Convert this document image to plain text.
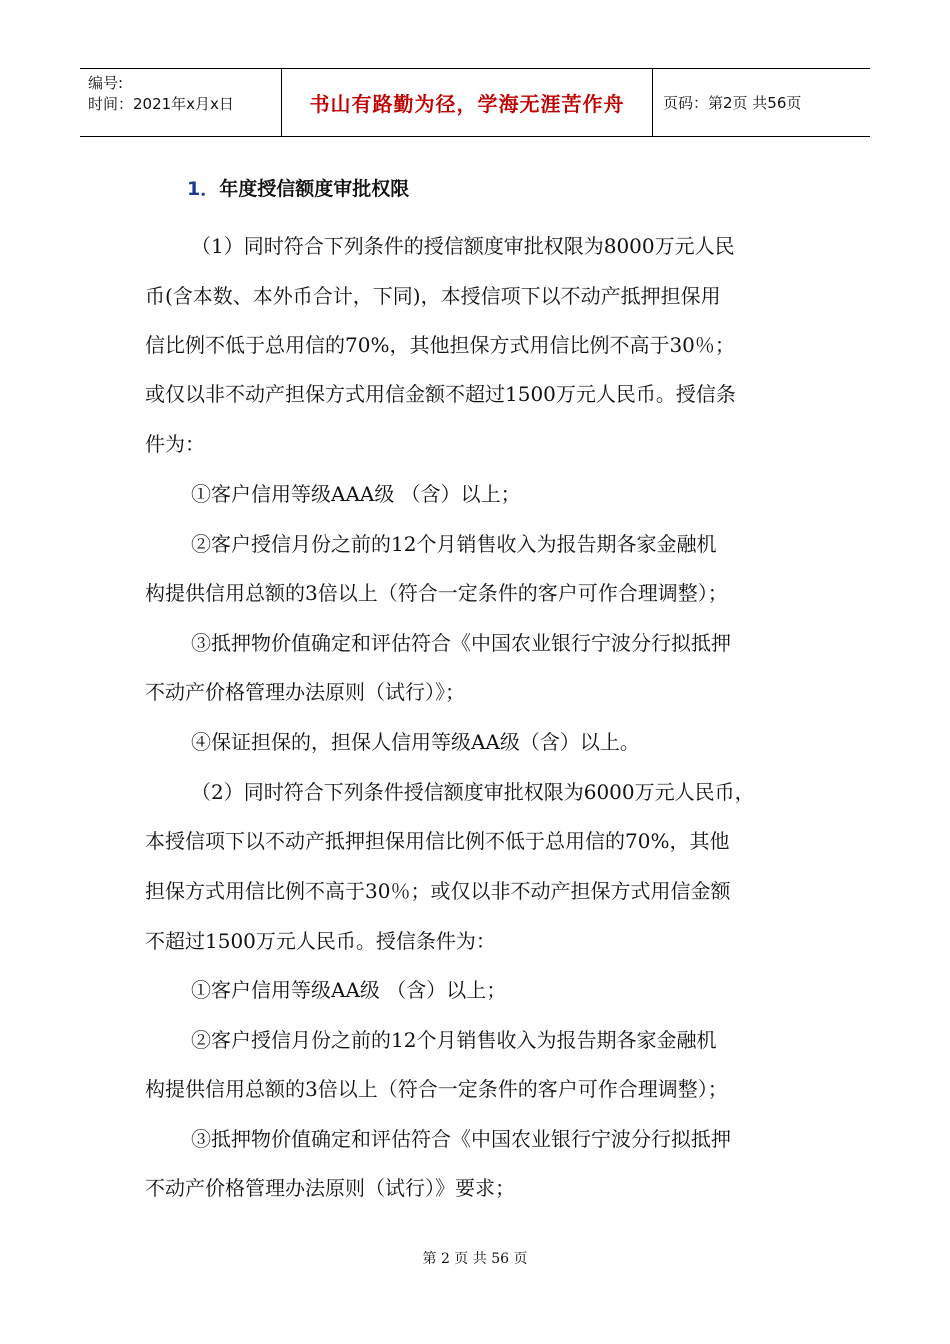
编号:
时间：2021年x月x日	书山有路勤为径，学海无涯苦作舟	页码：第2页 共56页
1．年度授信额度审批权限
（1）同时符合下列条件的授信额度审批权限为8000万元人民
币(含本数、本外币合计，下同)，本授信项下以不动产抵押担保用
信比例不低于总用信的70%，其他担保方式用信比例不高于30％；
或仅以非不动产担保方式用信金额不超过1500万元人民币。授信条
件为：
①客户信用等级AAA级 （含）以上；
②客户授信月份之前的12个月销售收入为报告期各家金融机
构提供信用总额的3倍以上（符合一定条件的客户可作合理调整）；
③抵押物价值确定和评估符合《中国农业银行宁波分行拟抵押
不动产价格管理办法原则（试行）》；
④保证担保的，担保人信用等级AA级（含）以上。
（2）同时符合下列条件授信额度审批权限为6000万元人民币，
本授信项下以不动产抵押担保用信比例不低于总用信的70%，其他
担保方式用信比例不高于30％；或仅以非不动产担保方式用信金额
不超过1500万元人民币。授信条件为：
①客户信用等级AA级 （含）以上；
②客户授信月份之前的12个月销售收入为报告期各家金融机
构提供信用总额的3倍以上（符合一定条件的客户可作合理调整）；
③抵押物价值确定和评估符合《中国农业银行宁波分行拟抵押
不动产价格管理办法原则（试行）》要求；
第 2 页 共 56 页
